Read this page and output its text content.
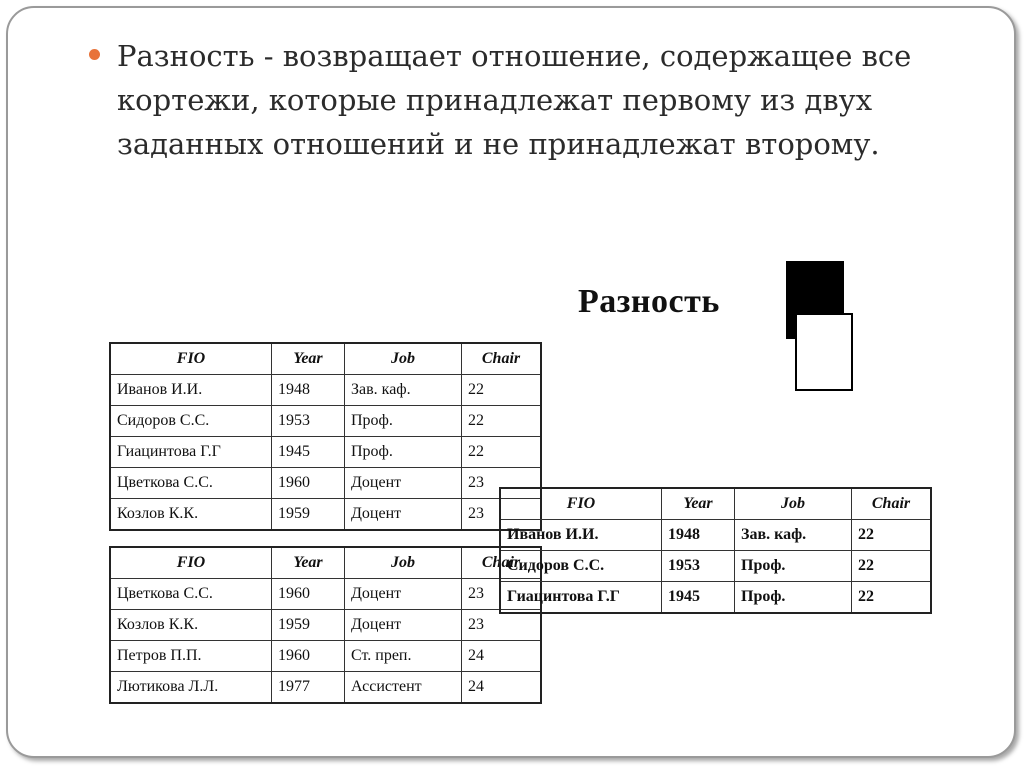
Разность - возвращает отношение, содержащее все кортежи, которые принадлежат первому из двух заданных отношений и не принадлежат второму.

Разность
FIO	Year	Job	Chair
Иванов И.И.	1948	Зав. каф.	22
Сидоров С.С.	1953	Проф.	22
Гиацинтова Г.Г	1945	Проф.	22
Цветкова С.С.	1960	Доцент	23
Козлов К.К.	1959	Доцент	23
FIO	Year	Job	Chair
Цветкова С.С.	1960	Доцент	23
Козлов К.К.	1959	Доцент	23
Петров П.П.	1960	Ст. преп.	24
Лютикова Л.Л.	1977	Ассистент	24
FIO	Year	Job	Chair
Иванов И.И.	1948	Зав. каф.	22
Сидоров С.С.	1953	Проф.	22
Гиацинтова Г.Г	1945	Проф.	22
